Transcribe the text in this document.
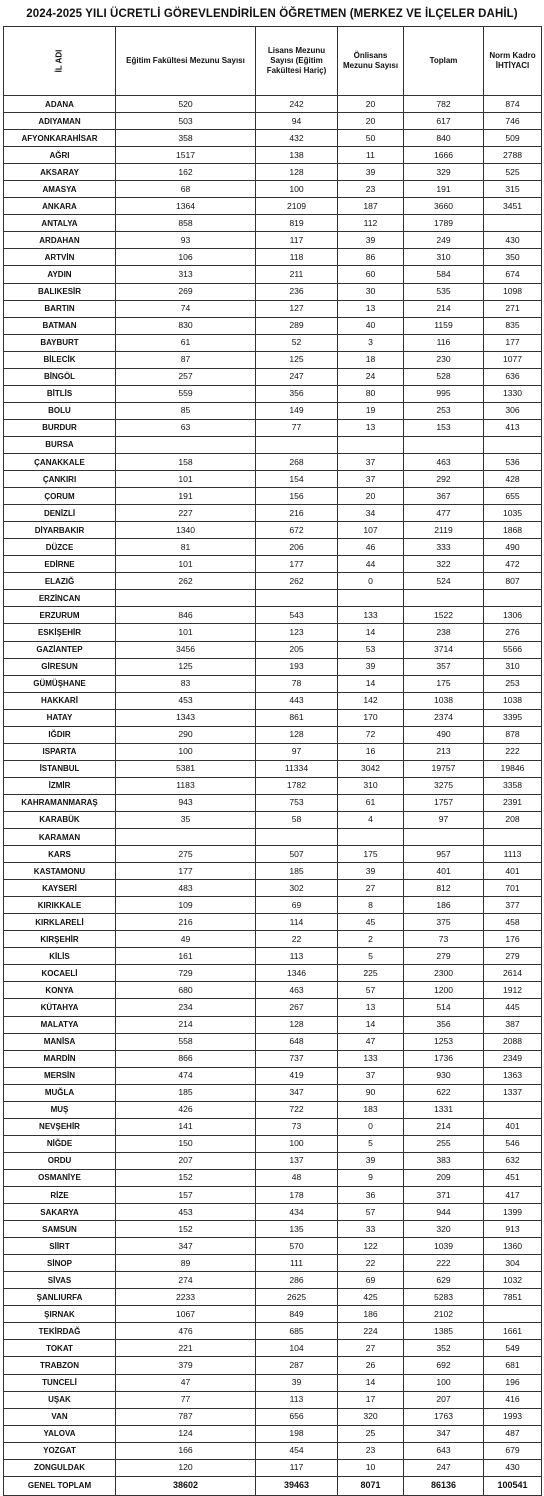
2024-2025 YILI ÜCRETLİ GÖREVLENDİRİLEN ÖĞRETMEN (MERKEZ VE İLÇELER DAHİL)
İL ADI	Eğitim Fakültesi Mezunu Sayısı	Lisans Mezunu Sayısı (Eğitim Fakültesi Hariç)	Önlisans Mezunu Sayısı	Toplam	Norm Kadro İHTİYACI
ADANA	520	242	20	782	874
ADIYAMAN	503	94	20	617	746
AFYONKARAHİSAR	358	432	50	840	509
AĞRI	1517	138	11	1666	2788
AKSARAY	162	128	39	329	525
AMASYA	68	100	23	191	315
ANKARA	1364	2109	187	3660	3451
ANTALYA	858	819	112	1789	
ARDAHAN	93	117	39	249	430
ARTVİN	106	118	86	310	350
AYDIN	313	211	60	584	674
BALIKESİR	269	236	30	535	1098
BARTIN	74	127	13	214	271
BATMAN	830	289	40	1159	835
BAYBURT	61	52	3	116	177
BİLECİK	87	125	18	230	1077
BİNGÖL	257	247	24	528	636
BİTLİS	559	356	80	995	1330
BOLU	85	149	19	253	306
BURDUR	63	77	13	153	413
BURSA					
ÇANAKKALE	158	268	37	463	536
ÇANKIRI	101	154	37	292	428
ÇORUM	191	156	20	367	655
DENİZLİ	227	216	34	477	1035
DİYARBAKIR	1340	672	107	2119	1868
DÜZCE	81	206	46	333	490
EDİRNE	101	177	44	322	472
ELAZIĞ	262	262	0	524	807
ERZİNCAN					
ERZURUM	846	543	133	1522	1306
ESKİŞEHİR	101	123	14	238	276
GAZİANTEP	3456	205	53	3714	5566
GİRESUN	125	193	39	357	310
GÜMÜŞHANE	83	78	14	175	253
HAKKARİ	453	443	142	1038	1038
HATAY	1343	861	170	2374	3395
IĞDIR	290	128	72	490	878
ISPARTA	100	97	16	213	222
İSTANBUL	5381	11334	3042	19757	19846
İZMİR	1183	1782	310	3275	3358
KAHRAMANMARAŞ	943	753	61	1757	2391
KARABÜK	35	58	4	97	208
KARAMAN					
KARS	275	507	175	957	1113
KASTAMONU	177	185	39	401	401
KAYSERİ	483	302	27	812	701
KIRIKKALE	109	69	8	186	377
KIRKLARELİ	216	114	45	375	458
KIRŞEHİR	49	22	2	73	176
KİLİS	161	113	5	279	279
KOCAELİ	729	1346	225	2300	2614
KONYA	680	463	57	1200	1912
KÜTAHYA	234	267	13	514	445
MALATYA	214	128	14	356	387
MANİSA	558	648	47	1253	2088
MARDİN	866	737	133	1736	2349
MERSİN	474	419	37	930	1363
MUĞLA	185	347	90	622	1337
MUŞ	426	722	183	1331	
NEVŞEHİR	141	73	0	214	401
NİĞDE	150	100	5	255	546
ORDU	207	137	39	383	632
OSMANİYE	152	48	9	209	451
RİZE	157	178	36	371	417
SAKARYA	453	434	57	944	1399
SAMSUN	152	135	33	320	913
SİİRT	347	570	122	1039	1360
SİNOP	89	111	22	222	304
SİVAS	274	286	69	629	1032
ŞANLIURFA	2233	2625	425	5283	7851
ŞIRNAK	1067	849	186	2102	
TEKİRDAĞ	476	685	224	1385	1661
TOKAT	221	104	27	352	549
TRABZON	379	287	26	692	681
TUNCELİ	47	39	14	100	196
UŞAK	77	113	17	207	416
VAN	787	656	320	1763	1993
YALOVA	124	198	25	347	487
YOZGAT	166	454	23	643	679
ZONGULDAK	120	117	10	247	430
GENEL TOPLAM	38602	39463	8071	86136	100541
